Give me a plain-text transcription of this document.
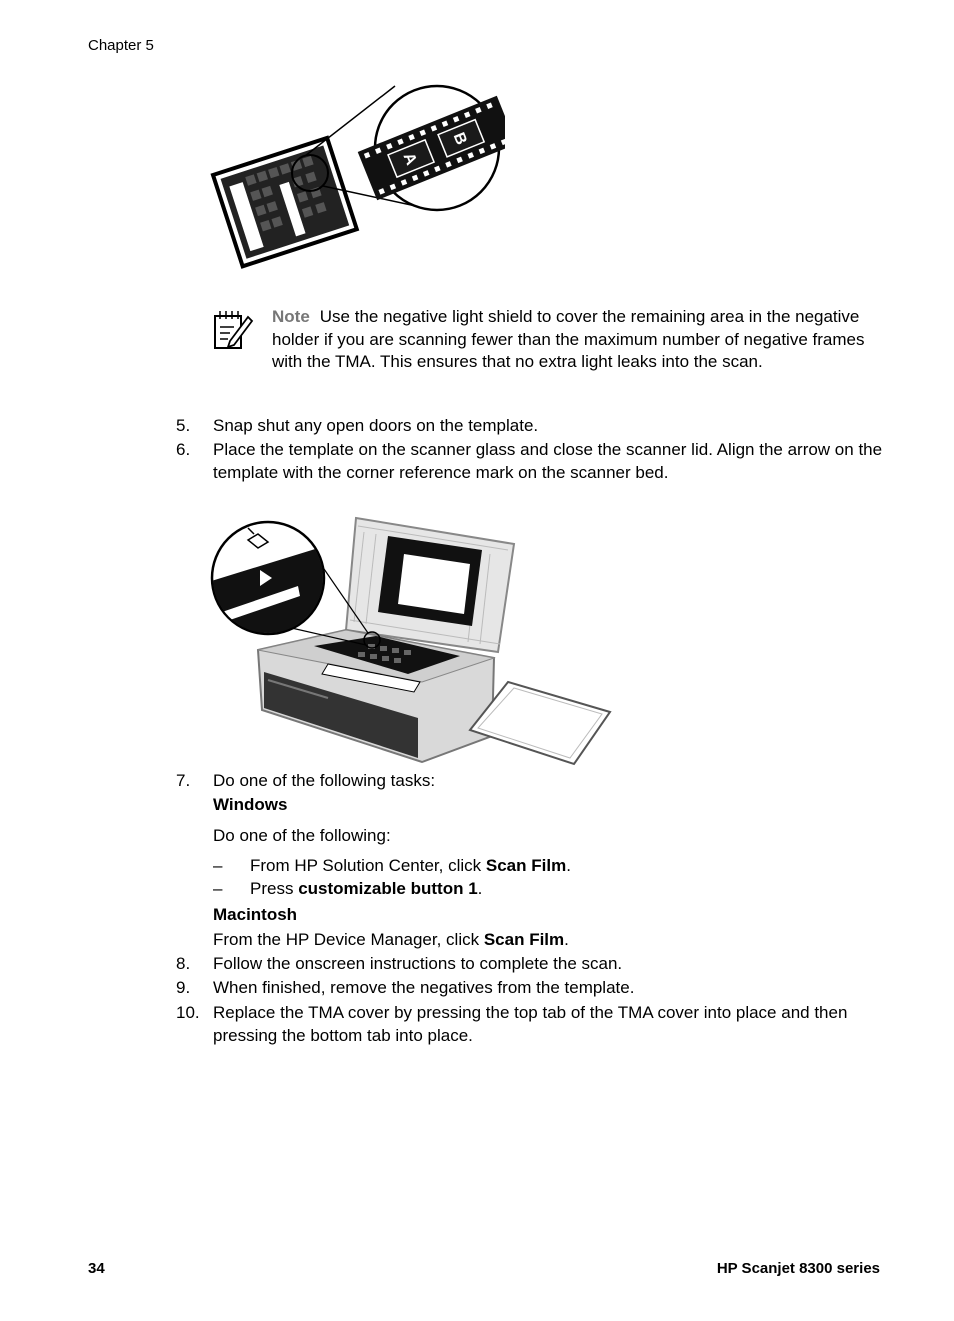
Chapter 5
A
B
Note Use the negative light shield to cover the remaining area in the negative holder if you are scanning fewer than the maximum number of negative frames with the TMA. This ensures that no extra light leaks into the scan.
5. Snap shut any open doors on the template.
6. Place the template on the scanner glass and close the scanner lid. Align the arrow on the template with the corner reference mark on the scanner bed.
7. Do one of the following tasks:
Windows
Do one of the following:
– From HP Solution Center, click Scan Film.
– Press customizable button 1.
Macintosh
From the HP Device Manager, click Scan Film.
8. Follow the onscreen instructions to complete the scan.
9. When finished, remove the negatives from the template.
10. Replace the TMA cover by pressing the top tab of the TMA cover into place and then pressing the bottom tab into place.
34	HP Scanjet 8300 series
